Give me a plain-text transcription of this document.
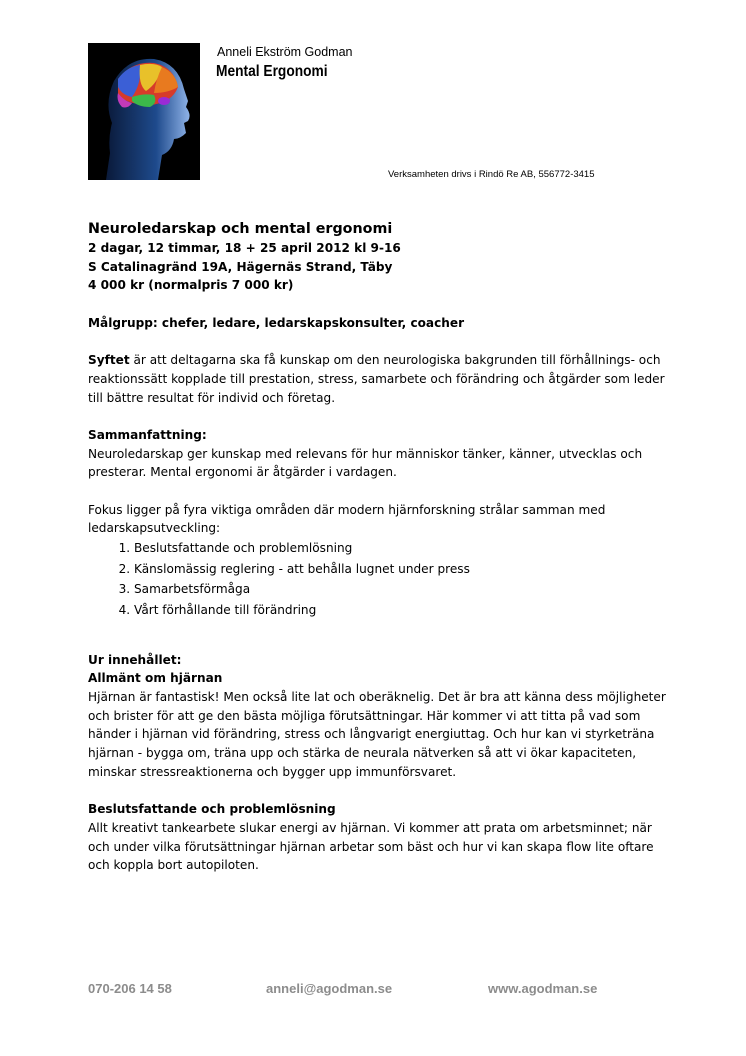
Anneli Ekström Godman
Mental Ergonomi
Verksamheten drivs i Rindö Re AB, 556772-3415

Neuroledarskap och mental ergonomi

2 dagar, 12 timmar, 18 + 25 april 2012 kl 9-16

S Catalinagränd 19A, Hägernäs Strand, Täby

4 000 kr (normalpris 7 000 kr)

Målgrupp: chefer, ledare, ledarskapskonsulter, coacher

Syftet är att deltagarna ska få kunskap om den neurologiska bakgrunden till förhållnings- och reaktionssätt kopplade till prestation, stress, samarbete och förändring och åtgärder som leder till bättre resultat för individ och företag.

Sammanfattning:

Neuroledarskap ger kunskap med relevans för hur människor tänker, känner, utvecklas och presterar. Mental ergonomi är åtgärder i vardagen.

Fokus ligger på fyra viktiga områden där modern hjärnforskning strålar samman med ledarskapsutveckling:

1. Beslutsfattande och problemlösning
2. Känslomässig reglering - att behålla lugnet under press
3. Samarbetsförmåga
4. Vårt förhållande till förändring

Ur innehållet:

Allmänt om hjärnan

Hjärnan är fantastisk! Men också lite lat och oberäknelig. Det är bra att känna dess möjligheter och brister för att ge den bästa möjliga förutsättningar. Här kommer vi att titta på vad som händer i hjärnan vid förändring, stress och långvarigt energiuttag. Och hur kan vi styrketräna hjärnan - bygga om, träna upp och stärka de neurala nätverken så att vi ökar kapaciteten, minskar stressreaktionerna och bygger upp immunförsvaret.

Beslutsfattande och problemlösning

Allt kreativt tankearbete slukar energi av hjärnan. Vi kommer att prata om arbetsminnet; när och under vilka förutsättningar hjärnan arbetar som bäst och hur vi kan skapa flow lite oftare och koppla bort autopiloten.

070-206 14 58	anneli@agodman.se	www.agodman.se
